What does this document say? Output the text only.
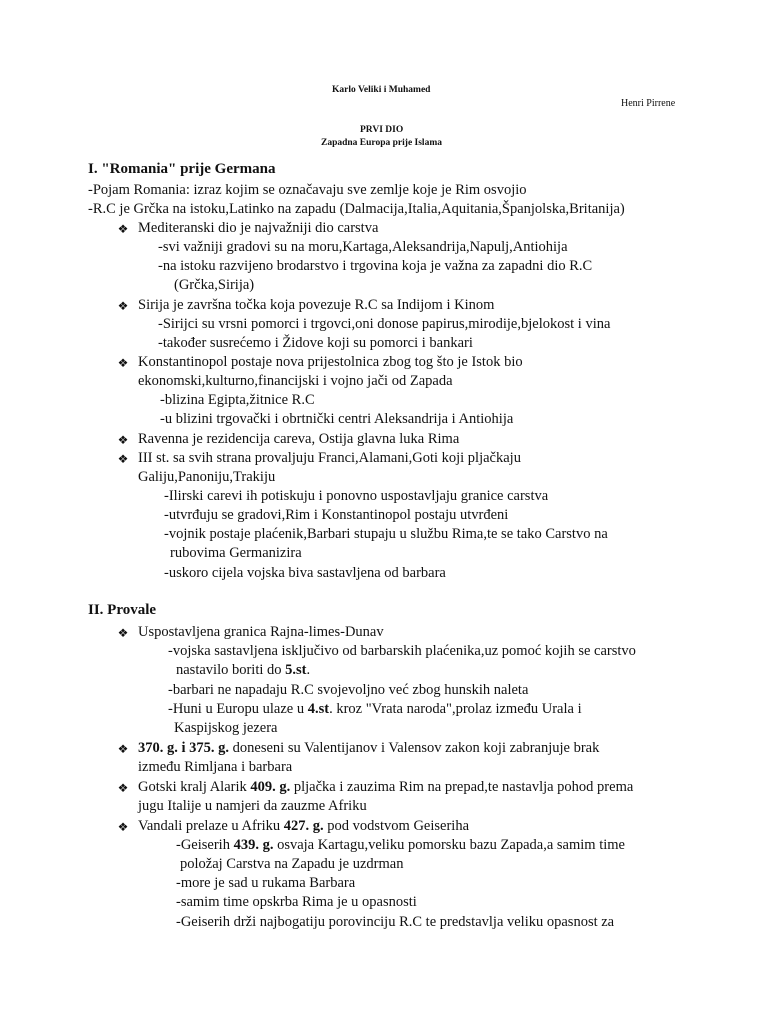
Karlo Veliki i Muhamed
Henri Pirrene
PRVI DIO
Zapadna Europa prije Islama
I. "Romania" prije Germana
-Pojam Romania: izraz kojim se označavaju sve zemlje koje je Rim osvojio
-R.C je Grčka na istoku,Latinko na zapadu (Dalmacija,Italia,Aquitania,Španjolska,Britanija)
❖ Mediteranski dio je najvažniji dio carstva
-svi važniji gradovi su na moru,Kartaga,Aleksandrija,Napulj,Antiohija
-na istoku razvijeno brodarstvo i trgovina koja je važna za zapadni dio R.C
(Grčka,Sirija)
❖ Sirija je završna točka koja povezuje R.C sa Indijom i Kinom
-Sirijci su vrsni pomorci i trgovci,oni donose papirus,mirodije,bjelokost i vina
-također susrećemo i Židove koji su pomorci i bankari
❖ Konstantinopol postaje nova prijestolnica zbog tog što je Istok bio
ekonomski,kulturno,financijski i vojno jači od Zapada
-blizina Egipta,žitnice R.C
-u blizini trgovački i obrtnički centri Aleksandrija i Antiohija
❖ Ravenna je rezidencija careva, Ostija glavna luka Rima
❖ III st. sa svih strana provaljuju Franci,Alamani,Goti koji pljačkaju
Galiju,Panoniju,Trakiju
-Ilirski carevi ih potiskuju i ponovno uspostavljaju granice carstva
-utvrđuju se gradovi,Rim i Konstantinopol postaju utvrđeni
-vojnik postaje plaćenik,Barbari stupaju u službu Rima,te se tako Carstvo na
rubovima Germanizira
-uskoro cijela vojska biva sastavljena od barbara
II. Provale
❖ Uspostavljena granica Rajna-limes-Dunav
-vojska sastavljena isključivo od barbarskih plaćenika,uz pomoć kojih se carstvo
nastavilo boriti do 5.st.
-barbari ne napadaju R.C svojevoljno već zbog hunskih naleta
-Huni u Europu ulaze u 4.st. kroz "Vrata naroda",prolaz između Urala i
Kaspijskog jezera
❖ 370. g. i 375. g. doneseni su Valentijanov i Valensov zakon koji zabranjuje brak
između Rimljana i barbara
❖ Gotski kralj Alarik 409. g. pljačka i zauzima Rim na prepad,te nastavlja pohod prema
jugu Italije u namjeri da zauzme Afriku
❖ Vandali prelaze u Afriku 427. g. pod vodstvom Geiseriha
-Geiserih 439. g. osvaja Kartagu,veliku pomorsku bazu Zapada,a samim time
položaj Carstva na Zapadu je uzdrman
-more je sad u rukama Barbara
-samim time opskrba Rima je u opasnosti
-Geiserih drži najbogatiju porovinciju R.C te predstavlja veliku opasnost za
